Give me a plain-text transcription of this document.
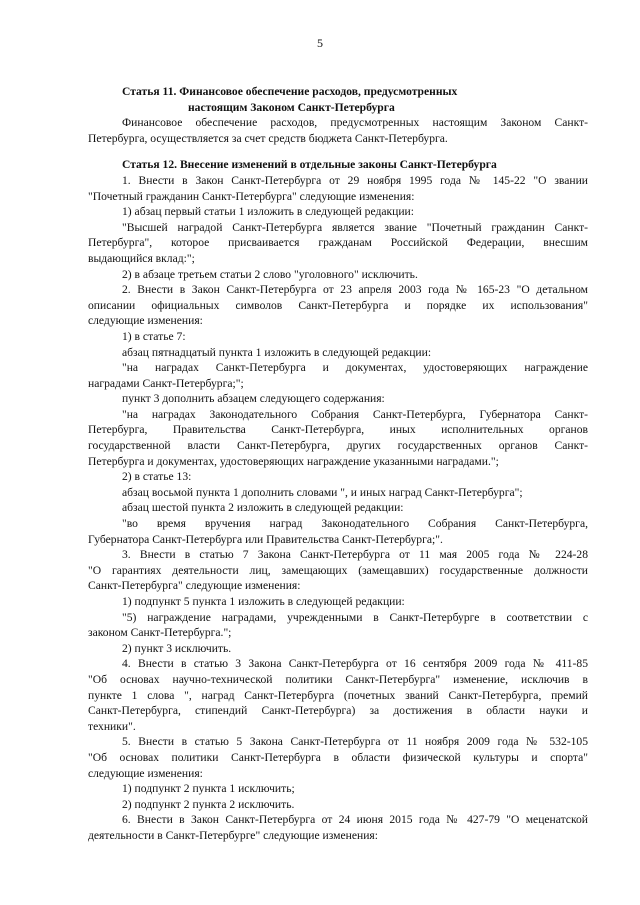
5
Статья 11. Финансовое обеспечение расходов, предусмотренных
настоящим Законом Санкт-Петербурга
Финансовое обеспечение расходов, предусмотренных настоящим Законом Санкт-
Петербурга, осуществляется за счет средств бюджета Санкт-Петербурга.
Статья 12. Внесение изменений в отдельные законы Санкт-Петербурга
1. Внести в Закон Санкт-Петербурга от 29 ноября 1995 года № 145-22 "О звании
"Почетный гражданин Санкт-Петербурга" следующие изменения:
1) абзац первый статьи 1 изложить в следующей редакции:
"Высшей наградой Санкт-Петербурга является звание "Почетный гражданин Санкт-
Петербурга", которое присваивается гражданам Российской Федерации, внесшим
выдающийся вклад:";
2) в абзаце третьем статьи 2 слово "уголовного" исключить.
2. Внести в Закон Санкт-Петербурга от 23 апреля 2003 года № 165-23 "О детальном
описании официальных символов Санкт-Петербурга и порядке их использования"
следующие изменения:
1) в статье 7:
абзац пятнадцатый пункта 1 изложить в следующей редакции:
"на наградах Санкт-Петербурга и документах, удостоверяющих награждение
наградами Санкт-Петербурга;";
пункт 3 дополнить абзацем следующего содержания:
"на наградах Законодательного Собрания Санкт-Петербурга, Губернатора Санкт-
Петербурга, Правительства Санкт-Петербурга, иных исполнительных органов
государственной власти Санкт-Петербурга, других государственных органов Санкт-
Петербурга и документах, удостоверяющих награждение указанными наградами.";
2) в статье 13:
абзац восьмой пункта 1 дополнить словами ", и иных наград Санкт-Петербурга";
абзац шестой пункта 2 изложить в следующей редакции:
"во время вручения наград Законодательного Собрания Санкт-Петербурга,
Губернатора Санкт-Петербурга или Правительства Санкт-Петербурга;".
3. Внести в статью 7 Закона Санкт-Петербурга от 11 мая 2005 года № 224-28
"О гарантиях деятельности лиц, замещающих (замещавших) государственные должности
Санкт-Петербурга" следующие изменения:
1) подпункт 5 пункта 1 изложить в следующей редакции:
"5) награждение наградами, учрежденными в Санкт-Петербурге в соответствии с
законом Санкт-Петербурга.";
2) пункт 3 исключить.
4. Внести в статью 3 Закона Санкт-Петербурга от 16 сентября 2009 года № 411-85
"Об основах научно-технической политики Санкт-Петербурга" изменение, исключив в
пункте 1 слова ", наград Санкт-Петербурга (почетных званий Санкт-Петербурга, премий
Санкт-Петербурга, стипендий Санкт-Петербурга) за достижения в области науки и
техники".
5. Внести в статью 5 Закона Санкт-Петербурга от 11 ноября 2009 года № 532-105
"Об основах политики Санкт-Петербурга в области физической культуры и спорта"
следующие изменения:
1) подпункт 2 пункта 1 исключить;
2) подпункт 2 пункта 2 исключить.
6. Внести в Закон Санкт-Петербурга от 24 июня 2015 года № 427-79 "О меценатской
деятельности в Санкт-Петербурге" следующие изменения:
